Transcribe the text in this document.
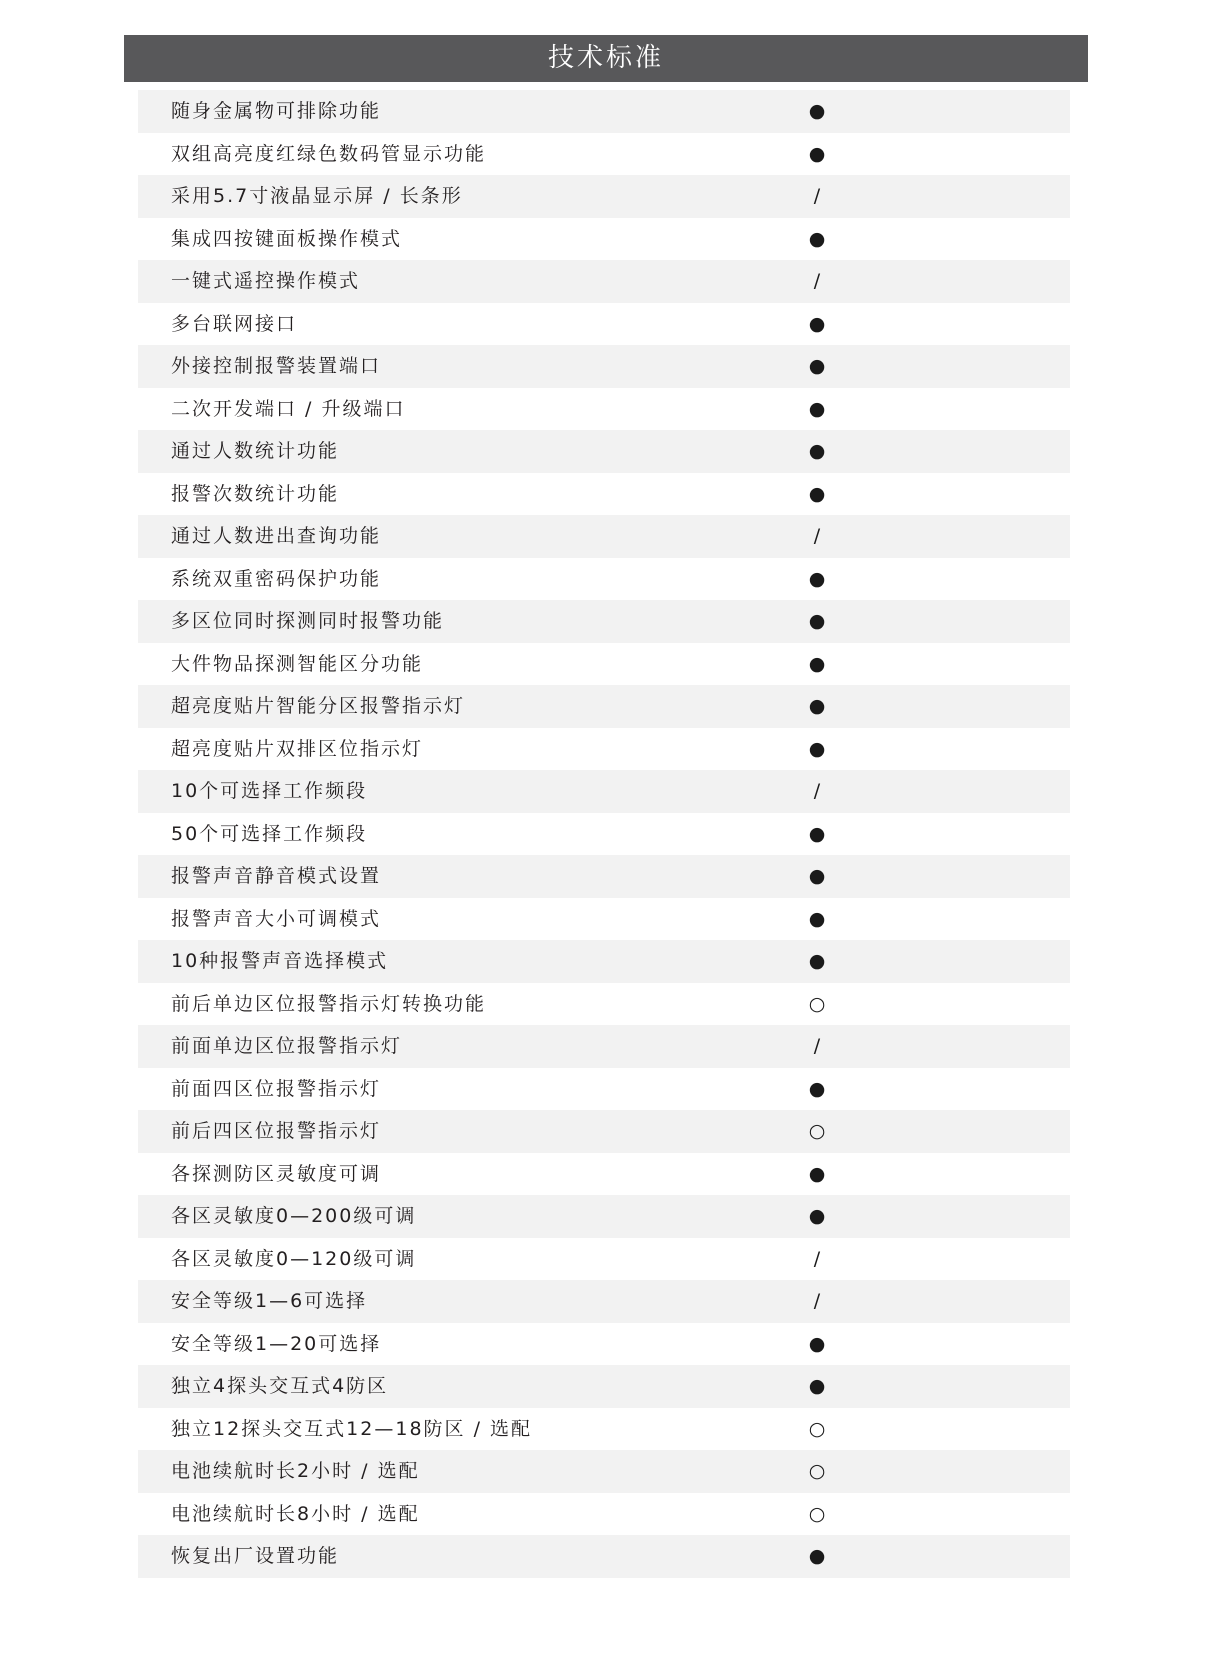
技术标准
随身金属物可排除功能	●
双组高亮度红绿色数码管显示功能	●
采用5.7寸液晶显示屏 / 长条形	/
集成四按键面板操作模式	●
一键式遥控操作模式	/
多台联网接口	●
外接控制报警装置端口	●
二次开发端口 / 升级端口	●
通过人数统计功能	●
报警次数统计功能	●
通过人数进出查询功能	/
系统双重密码保护功能	●
多区位同时探测同时报警功能	●
大件物品探测智能区分功能	●
超亮度贴片智能分区报警指示灯	●
超亮度贴片双排区位指示灯	●
10个可选择工作频段	/
50个可选择工作频段	●
报警声音静音模式设置	●
报警声音大小可调模式	●
10种报警声音选择模式	●
前后单边区位报警指示灯转换功能	○
前面单边区位报警指示灯	/
前面四区位报警指示灯	●
前后四区位报警指示灯	○
各探测防区灵敏度可调	●
各区灵敏度0—200级可调	●
各区灵敏度0—120级可调	/
安全等级1—6可选择	/
安全等级1—20可选择	●
独立4探头交互式4防区	●
独立12探头交互式12—18防区 / 选配	○
电池续航时长2小时 / 选配	○
电池续航时长8小时 / 选配	○
恢复出厂设置功能	●
